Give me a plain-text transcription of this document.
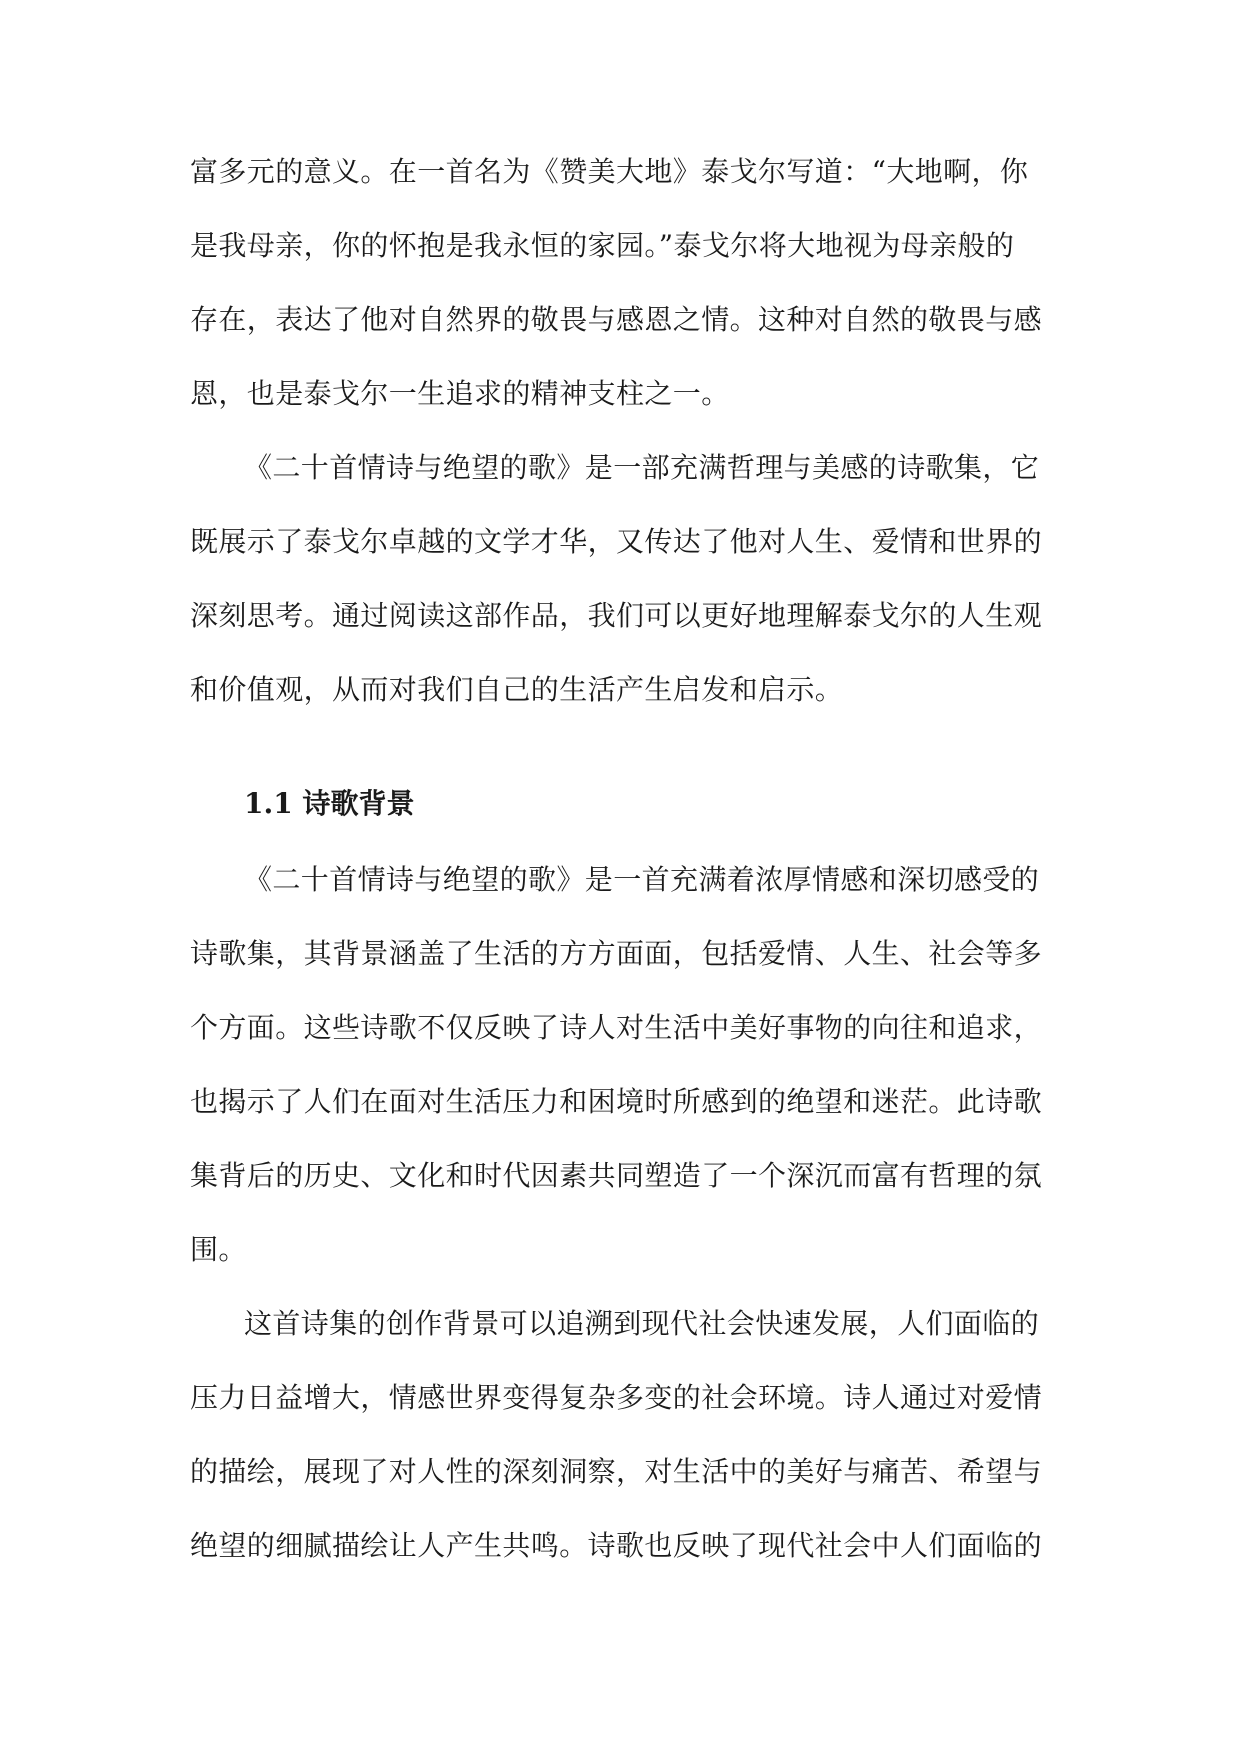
富多元的意义。在一首名为《赞美大地》泰戈尔写道：“大地啊，你
是我母亲，你的怀抱是我永恒的家园。”泰戈尔将大地视为母亲般的
存在，表达了他对自然界的敬畏与感恩之情。这种对自然的敬畏与感
恩，也是泰戈尔一生追求的精神支柱之一。
《二十首情诗与绝望的歌》是一部充满哲理与美感的诗歌集，它
既展示了泰戈尔卓越的文学才华，又传达了他对人生、爱情和世界的
深刻思考。通过阅读这部作品，我们可以更好地理解泰戈尔的人生观
和价值观，从而对我们自己的生活产生启发和启示。
1.1 诗歌背景
《二十首情诗与绝望的歌》是一首充满着浓厚情感和深切感受的
诗歌集，其背景涵盖了生活的方方面面，包括爱情、人生、社会等多
个方面。这些诗歌不仅反映了诗人对生活中美好事物的向往和追求，
也揭示了人们在面对生活压力和困境时所感到的绝望和迷茫。此诗歌
集背后的历史、文化和时代因素共同塑造了一个深沉而富有哲理的氛
围。
这首诗集的创作背景可以追溯到现代社会快速发展，人们面临的
压力日益增大，情感世界变得复杂多变的社会环境。诗人通过对爱情
的描绘，展现了对人性的深刻洞察，对生活中的美好与痛苦、希望与
绝望的细腻描绘让人产生共鸣。诗歌也反映了现代社会中人们面临的
